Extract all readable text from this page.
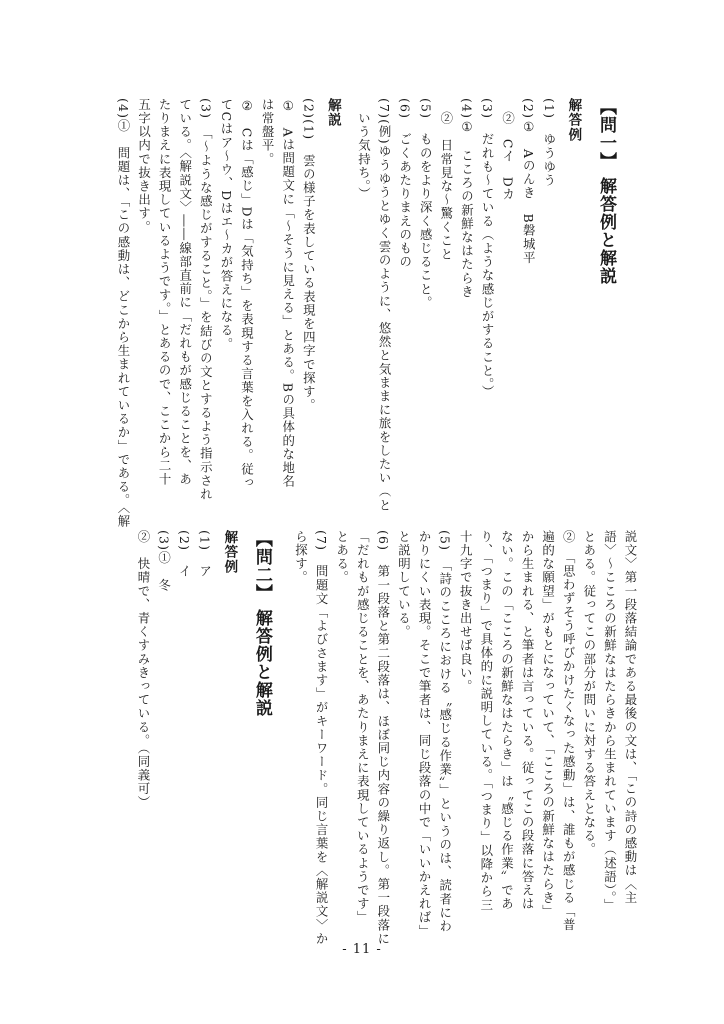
【問一】 解答例と解説
解答例
(1)　ゆうゆう
(2)①　Aのんき　B磐城平
　②　Cイ　Dカ
(3)　だれも〜ている（ような感じがすること。）
(4)①　こころの新鮮なはたらき
　②　日常見な〜驚くこと
(5)　ものをより深く感じること。
(6)　ごくあたりまえのもの
(7)(例)ゆうゆうとゆく雲のように、悠然と気ままに旅をしたい（と
　いう気持ち。）
解説
(2)(1)　雲の様子を表している表現を四字で探す。
①　Aは問題文に「〜そうに見える」とある。Bの具体的な地名
は常盤平。
②　Cは「感じ」Dは「気持ち」を表現する言葉を入れる。従っ
てCはア〜ウ、Dはエ〜カが答えになる。
(3)　「〜ような感じがすること。」を結びの文とするよう指示され
ている。〈解説文〉――線部直前に「だれもが感じることを、あ
たりまえに表現しているようです。」とあるので、ここから二十
五字以内で抜き出す。
(4)①　問題は、「この感動は、どこから生まれているか」である。〈解
説文〉第一段落結論である最後の文は、「この詩の感動は〈主
語〉〜こころの新鮮なはたらきから生まれています（述語）。」
とある。従ってこの部分が問いに対する答えとなる。
②　「思わずそう呼びかけたくなった感動」は、誰もが感じる「普
遍的な願望」がもとになっていて、「こころの新鮮なはたらき」
から生まれる、と筆者は言っている。従ってこの段落に答えは
ない。この「こころの新鮮なはたらき」は〝感じる作業〟であ
り、「つまり」で具体的に説明している。「つまり」以降から三
十九字で抜き出せば良い。
(5)　「詩のこころにおける〝感じる作業〟」というのは、読者にわ
かりにくい表現。そこで筆者は、同じ段落の中で「いいかえれば」
と説明している。
(6)　第一段落と第二段落は、ほぼ同じ内容の繰り返し。第一段落に
「だれもが感じることを、あたりまえに表現しているようです」
とある。
(7)　問題文「よびさます」がキーワード。同じ言葉を〈解説文〉か
ら探す。
【問二】 解答例と解説
解答例
(1)　ア
(2)　イ
(3)①　冬
②　快晴で、青くすみきっている。（同義可）
- 11 -
